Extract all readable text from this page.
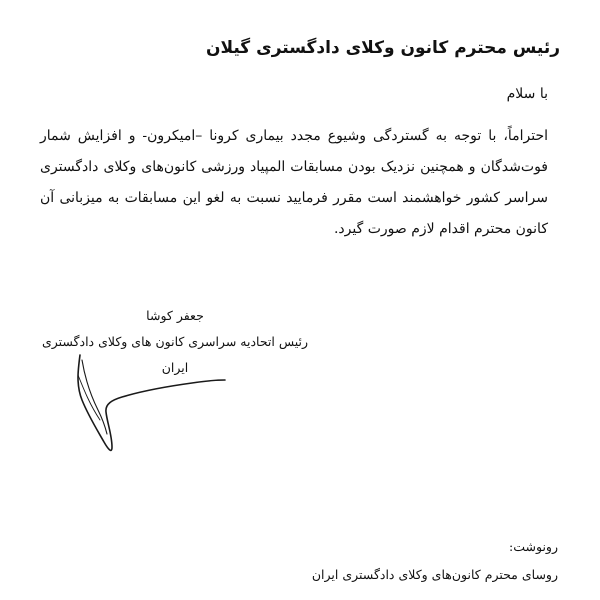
رئیس محترم کانون وکلای دادگستری گیلان

با سلام

احتراماً، با توجه به گستردگی وشیوع مجدد بیماری کرونا –امیکرون- و افزایش شمار فوت‌شدگان و همچنین نزدیک بودن مسابقات المپیاد ورزشی کانون‌های وکلای دادگستری سراسر کشور خواهشمند است مقرر فرمایید نسبت به لغو این مسابقات به میزبانی آن کانون محترم اقدام لازم صورت گیرد.

جعفر کوشا
رئیس اتحادیه سراسری کانون های وکلای دادگستری
ایران

رونوشت:

روسای محترم کانون‌های وکلای دادگستری ایران
